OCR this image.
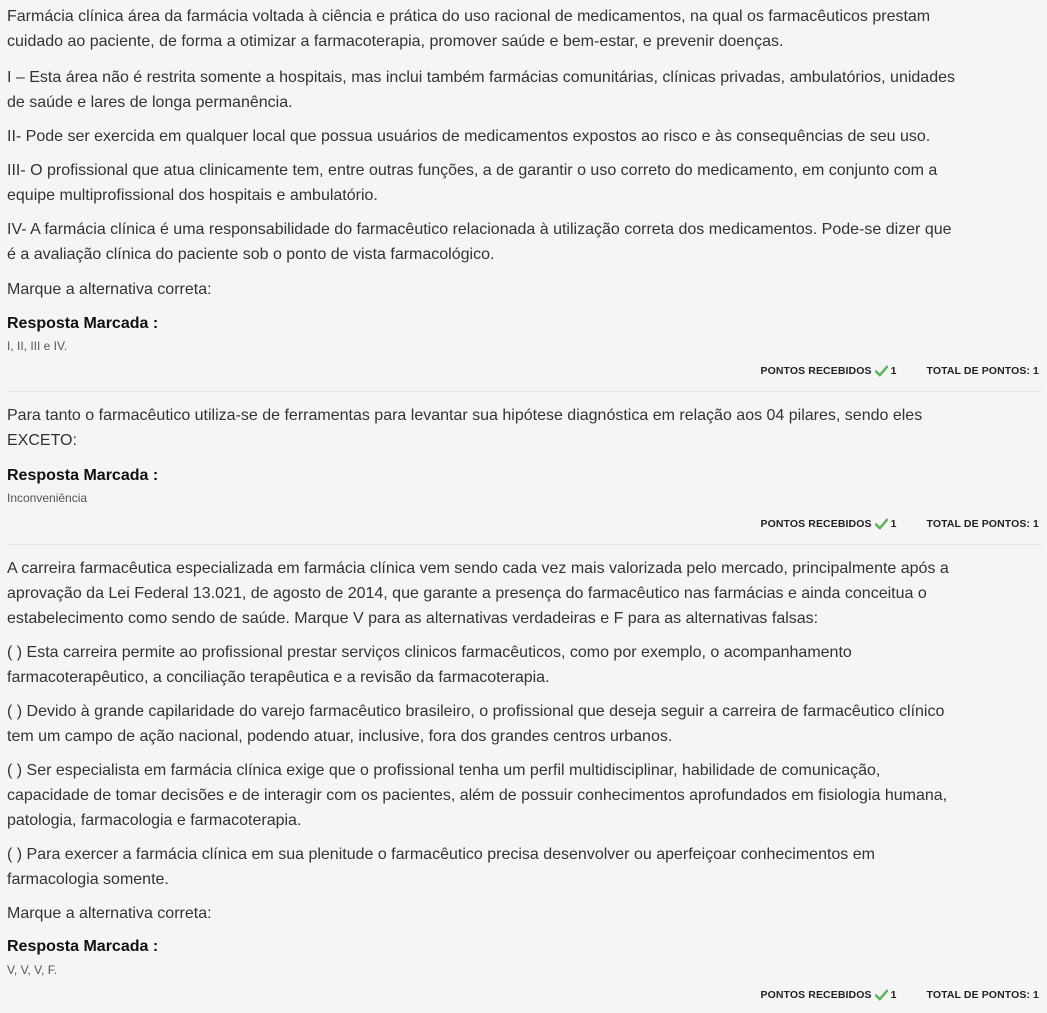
Farmácia clínica área da farmácia voltada à ciência e prática do uso racional de medicamentos, na qual os farmacêuticos prestam

cuidado ao paciente, de forma a otimizar a farmacoterapia, promover saúde e bem-estar, e prevenir doenças.

I – Esta área não é restrita somente a hospitais, mas inclui também farmácias comunitárias, clínicas privadas, ambulatórios, unidades

de saúde e lares de longa permanência.

II- Pode ser exercida em qualquer local que possua usuários de medicamentos expostos ao risco e às consequências de seu uso.

III- O profissional que atua clinicamente tem, entre outras funções, a de garantir o uso correto do medicamento, em conjunto com a

equipe multiprofissional dos hospitais e ambulatório.

IV- A farmácia clínica é uma responsabilidade do farmacêutico relacionada à utilização correta dos medicamentos. Pode-se dizer que

é a avaliação clínica do paciente sob o ponto de vista farmacológico.

Marque a alternativa correta:

Resposta Marcada :
I, II, III e IV.
PONTOS RECEBIDOS 1	TOTAL DE PONTOS: 1

Para tanto o farmacêutico utiliza-se de ferramentas para levantar sua hipótese diagnóstica em relação aos 04 pilares, sendo eles

EXCETO:

Resposta Marcada :
Inconveniência
PONTOS RECEBIDOS 1	TOTAL DE PONTOS: 1

A carreira farmacêutica especializada em farmácia clínica vem sendo cada vez mais valorizada pelo mercado, principalmente após a

aprovação da Lei Federal 13.021, de agosto de 2014, que garante a presença do farmacêutico nas farmácias e ainda conceitua o

estabelecimento como sendo de saúde. Marque V para as alternativas verdadeiras e F para as alternativas falsas:

( ) Esta carreira permite ao profissional prestar serviços clinicos farmacêuticos, como por exemplo, o acompanhamento

farmacoterapêutico, a conciliação terapêutica e a revisão da farmacoterapia.

( ) Devido à grande capilaridade do varejo farmacêutico brasileiro, o profissional que deseja seguir a carreira de farmacêutico clínico

tem um campo de ação nacional, podendo atuar, inclusive, fora dos grandes centros urbanos.

( ) Ser especialista em farmácia clínica exige que o profissional tenha um perfil multidisciplinar, habilidade de comunicação,

capacidade de tomar decisões e de interagir com os pacientes, além de possuir conhecimentos aprofundados em fisiologia humana,

patologia, farmacologia e farmacoterapia.

( ) Para exercer a farmácia clínica em sua plenitude o farmacêutico precisa desenvolver ou aperfeiçoar conhecimentos em

farmacologia somente.

Marque a alternativa correta:

Resposta Marcada :
V, V, V, F.
PONTOS RECEBIDOS 1	TOTAL DE PONTOS: 1
